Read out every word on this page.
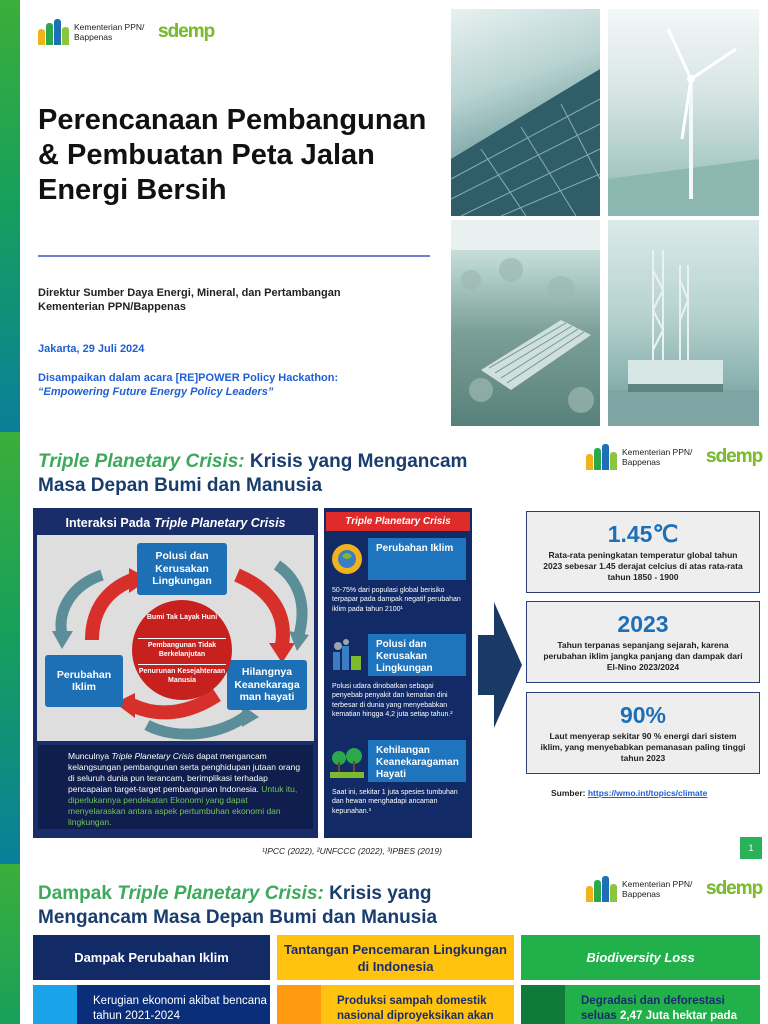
Kementerian PPN/ Bappenas	sdemp
Perencanaan Pembangunan & Pembuatan Peta Jalan Energi Bersih
Direktur Sumber Daya Energi, Mineral, dan Pertambangan
Kementerian PPN/Bappenas
Jakarta, 29 Juli 2024
Disampaikan dalam acara [RE]POWER Policy Hackathon:
“Empowering Future Energy Policy Leaders”
Triple Planetary Crisis: Krisis yang Mengancam
Masa Depan Bumi dan Manusia
Kementerian PPN/ Bappenas	sdemp
Interaksi Pada Triple Planetary Crisis
Polusi dan Kerusakan Lingkungan
Perubahan Iklim
Hilangnya Keanekaraga man hayati
Bumi Tak Layak Huni
Pembangunan Tidak Berkelanjutan
Penurunan Kesejahteraan Manusia
Munculnya Triple Planetary Crisis dapat mengancam kelangsungan pembangunan serta penghidupan jutaan orang di seluruh dunia pun terancam, berimplikasi terhadap pencapaian target-target pembangunan Indonesia. Untuk itu, diperlukannya pendekatan Ekonomi yang dapat menyelaraskan antara aspek pertumbuhan ekonomi dan lingkungan.
Triple Planetary Crisis
Perubahan Iklim
50-75% dari populasi global berisiko terpapar pada dampak negatif perubahan iklim pada tahun 2100¹
Polusi dan Kerusakan Lingkungan
Polusi udara dinobatkan sebagai penyebab penyakit dan kematian dini terbesar di dunia yang menyebabkan kematian hingga 4,2 juta setiap tahun.²
Kehilangan Keanekaragaman Hayati
Saat ini, sekitar 1 juta spesies tumbuhan dan hewan menghadapi ancaman kepunahan.³
¹IPCC (2022), ²UNFCCC (2022), ³IPBES (2019)
1.45℃
Rata-rata peningkatan temperatur global tahun 2023 sebesar 1.45 derajat celcius di atas rata-rata tahun 1850 - 1900
2023
Tahun terpanas sepanjang sejarah, karena perubahan iklim jangka panjang dan dampak dari El-Nino 2023/2024
90%
Laut menyerap sekitar 90 % energi dari sistem iklim, yang menyebabkan pemanasan paling tinggi tahun 2023
Sumber: https://wmo.int/topics/climate
1
Dampak Triple Planetary Crisis: Krisis yang
Mengancam Masa Depan Bumi dan Manusia
Kementerian PPN/ Bappenas	sdemp
Dampak Perubahan Iklim
Tantangan Pencemaran Lingkungan di Indonesia
Biodiversity Loss
Kerugian ekonomi akibat bencana tahun 2021-2024
Produksi sampah domestik nasional diproyeksikan akan
Degradasi dan deforestasi seluas 2,47 Juta hektar pada
